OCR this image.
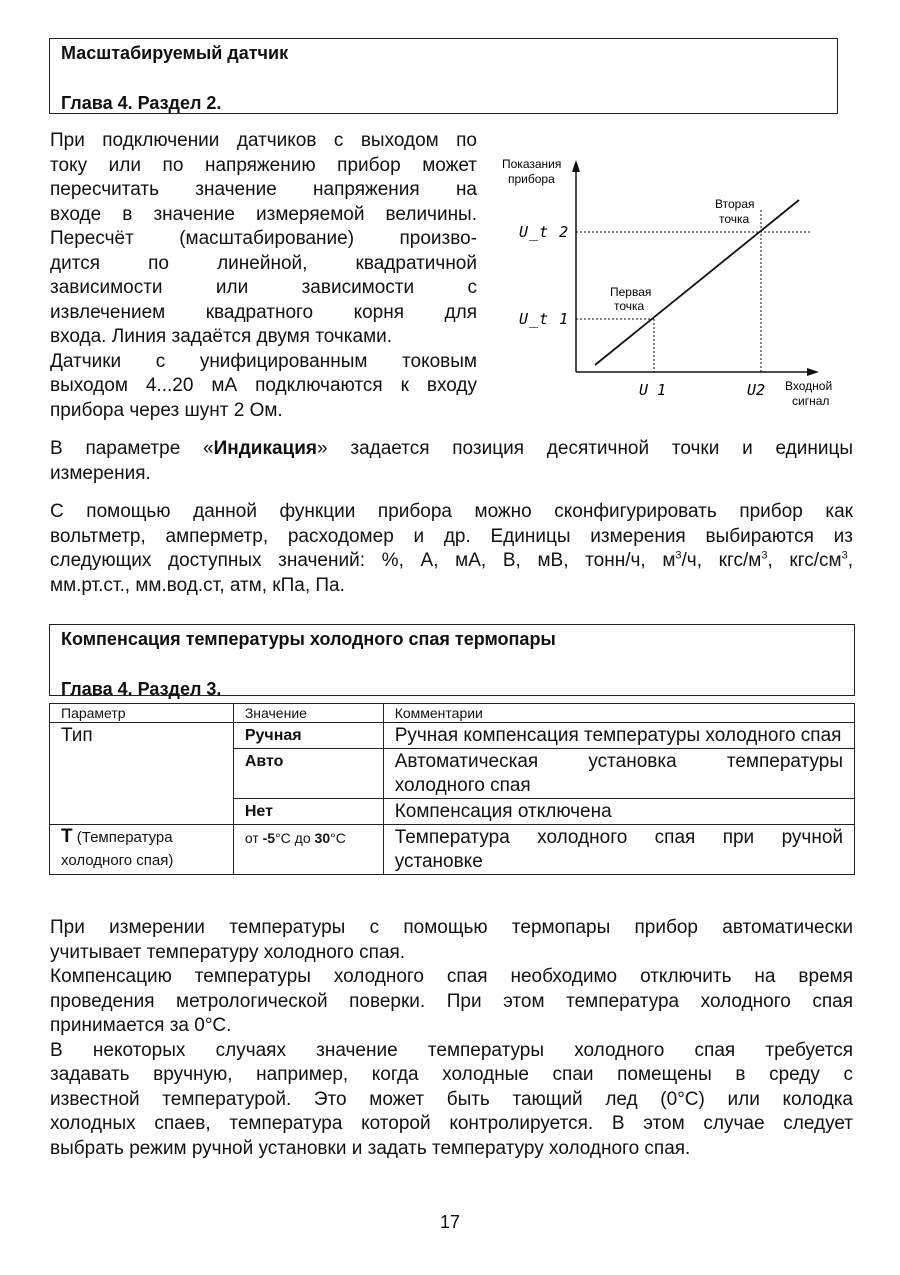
Масштабируемый датчик
Глава 4. Раздел 2.

При подключении датчиков с выходом по
току или по напряжению прибор может
пересчитать значение напряжения на
входе в значение измеряемой величины.
Пересчёт (масштабирование) произво-
дится по линейной, квадратичной
зависимости или зависимости с
извлечением квадратного корня для
входа. Линия задаётся двумя точками.
Датчики с унифицированным токовым
выходом 4...20 мА подключаются к входу
прибора через шунт 2 Ом.

Показания
прибора
Входной
сигнал
Первая
точка
Вторая
точка
U_t 1
U_t 2
U 1	U2

В параметре «Индикация» задается позиция десятичной точки и единицы
измерения.

С помощью данной функции прибора можно сконфигурировать прибор как
вольтметр, амперметр, расходомер и др. Единицы измерения выбираются из
следующих доступных значений: %, А, мА, В, мВ, тонн/ч, $м^3/ч$, кгс/$м^3$, кгс/$см^3$,
мм.рт.ст., мм.вод.ст, атм, кПа, Па.

Компенсация температуры холодного спая термопары
Глава 4. Раздел 3.
Параметр	Значение	Комментарии
Тип	Ручная	Ручная компенсация температуры холодного спая
	Авто	Автоматическая установка температуры холодного спая
	Нет	Компенсация отключена
Т (Температура
холодного спая)	от -5°С до 30°С	Температура холодного спая при ручной установке

При измерении температуры с помощью термопары прибор автоматически
учитывает температуру холодного спая.
Компенсацию температуры холодного спая необходимо отключить на время
проведения метрологической поверки. При этом температура холодного спая
принимается за 0°С.
В некоторых случаях значение температуры холодного спая требуется
задавать вручную, например, когда холодные спаи помещены в среду с
известной температурой. Это может быть тающий лед (0°С) или колодка
холодных спаев, температура которой контролируется. В этом случае следует
выбрать режим ручной установки и задать температуру холодного спая.

17
